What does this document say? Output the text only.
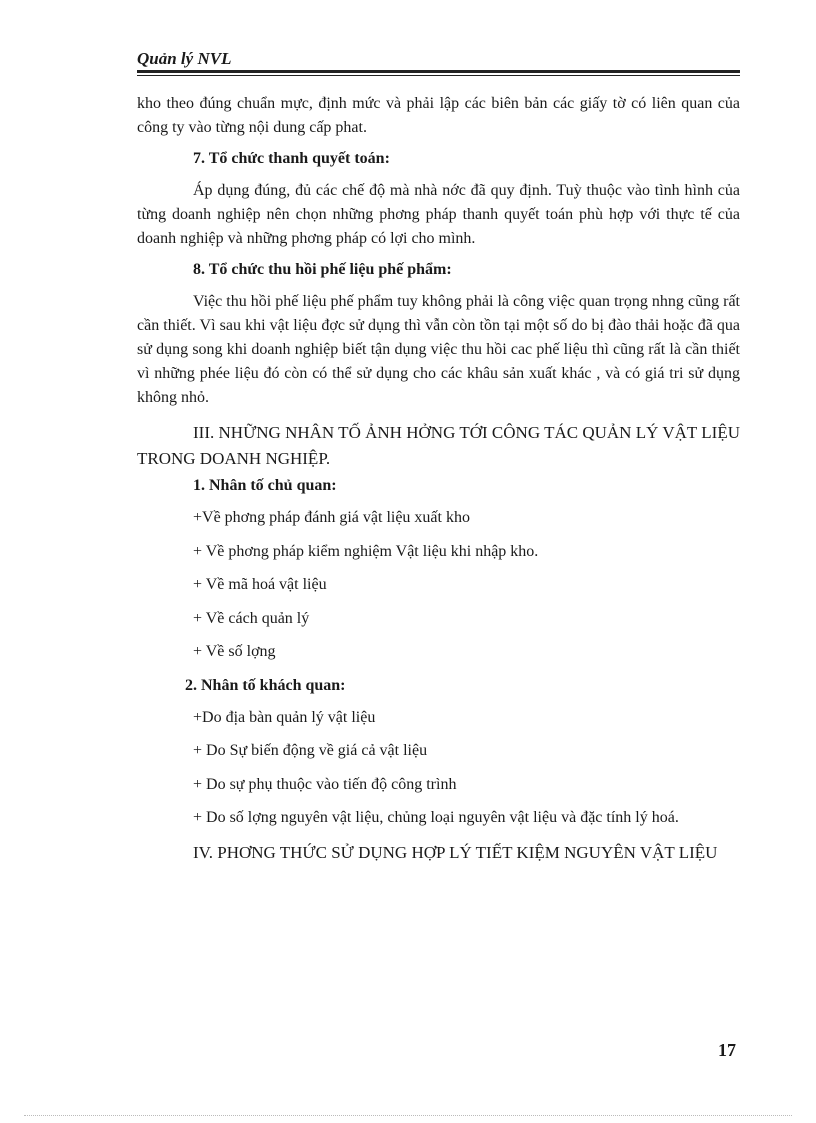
Quản lý NVL

kho theo đúng chuẩn mực, định mức và phải lập các biên bản các giấy tờ có liên quan của công ty vào từng nội dung cấp phat.

7. Tổ chức thanh quyết toán:

Áp dụng đúng, đủ các chế độ mà nhà nớc đã quy định. Tuỳ thuộc vào tình hình của từng doanh nghiệp nên chọn những phơng pháp thanh quyết toán phù hợp với thực tế của doanh nghiệp và những phơng pháp có lợi cho mình.

8. Tổ chức thu hồi phế liệu phế phẩm:

Việc thu hồi phế liệu phế phẩm tuy không phải là công việc quan trọng nhng cũng rất cần thiết. Vì sau khi vật liệu đợc sử dụng thì vẫn còn tồn tại một số do bị đào thải hoặc đã qua sử dụng song khi doanh nghiệp biết tận dụng việc thu hồi cac phế liệu thì cũng rất là cần thiết vì những phée liệu đó còn có thể sử dụng cho các khâu sản xuất khác , và có giá tri sử dụng không nhỏ.

III. NHỮNG NHÂN TỐ ẢNH HỞNG TỚI CÔNG TÁC QUẢN LÝ VẬT LIỆU TRONG DOANH NGHIỆP.

1. Nhân tố chủ quan:

+Về phơng pháp đánh giá vật liệu xuất kho

+ Về phơng pháp kiểm nghiệm Vật liệu khi nhập kho.

+ Về mã hoá vật liệu

+ Về cách quản lý

+ Về số lợng

2. Nhân tố khách quan:

+Do địa bàn quản lý vật liệu

+ Do Sự biến động về giá cả vật liệu

+ Do sự phụ thuộc vào tiến độ công trình

+ Do số lợng nguyên vật liệu, chủng loại nguyên vật liệu và đặc tính lý hoá.

IV. PHƠNG THỨC SỬ DỤNG HỢP LÝ TIẾT KIỆM NGUYÊN VẬT LIỆU

17
